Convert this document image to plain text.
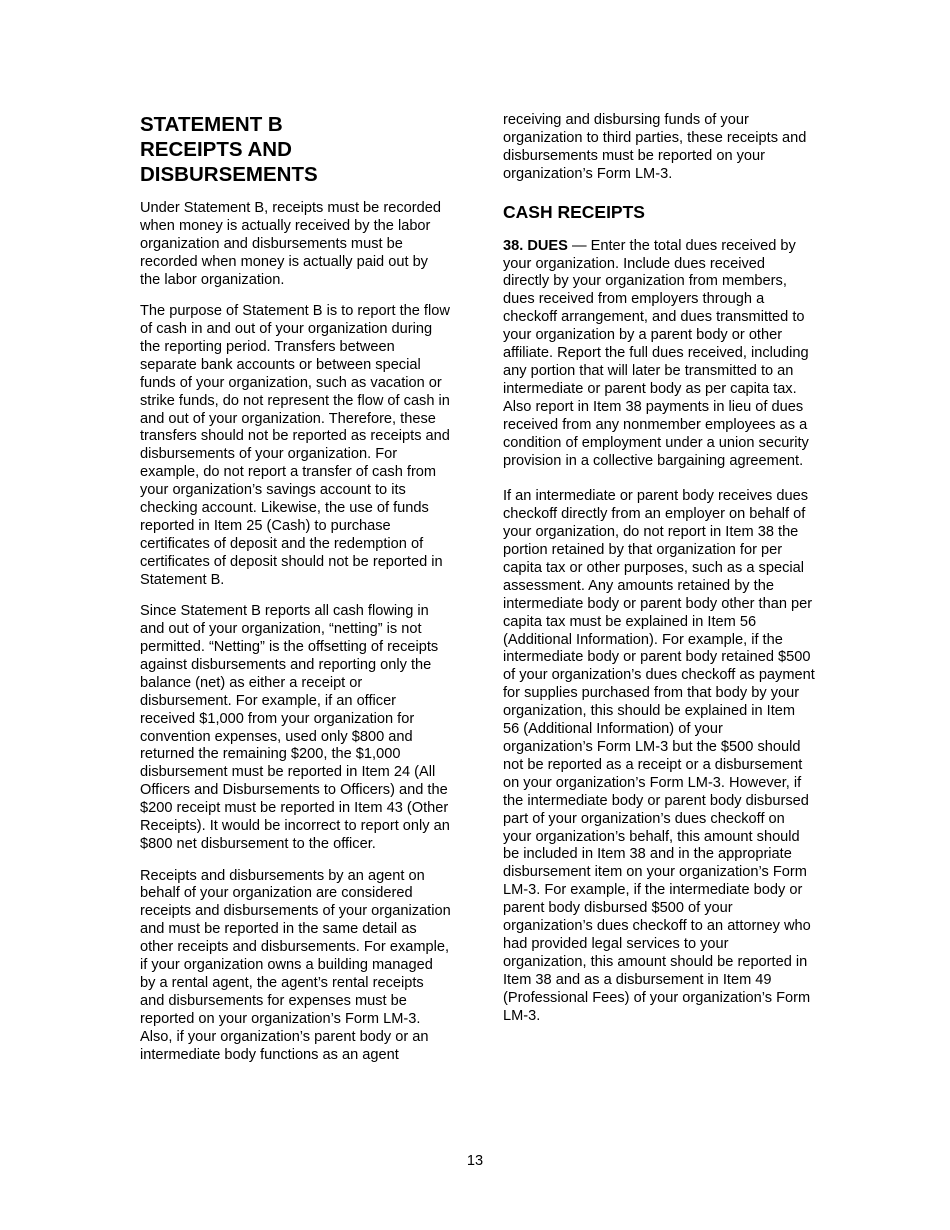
STATEMENT B
RECEIPTS AND
DISBURSEMENTS

Under Statement B, receipts must be recorded when money is actually received by the labor organization and disbursements must be recorded when money is actually paid out by the labor organization.

The purpose of Statement B is to report the flow of cash in and out of your organization during the reporting period. Transfers between separate bank accounts or between special funds of your organization, such as vacation or strike funds, do not represent the flow of cash in and out of your organization. Therefore, these transfers should not be reported as receipts and disbursements of your organization. For example, do not report a transfer of cash from your organization’s savings account to its checking account. Likewise, the use of funds reported in Item 25 (Cash) to purchase certificates of deposit and the redemption of certificates of deposit should not be reported in Statement B.

Since Statement B reports all cash flowing in and out of your organization, “netting” is not permitted. “Netting” is the offsetting of receipts against disbursements and reporting only the balance (net) as either a receipt or disbursement. For example, if an officer received $1,000 from your organization for convention expenses, used only $800 and returned the remaining $200, the $1,000 disbursement must be reported in Item 24 (All Officers and Disbursements to Officers) and the $200 receipt must be reported in Item 43 (Other Receipts). It would be incorrect to report only an $800 net disbursement to the officer.

Receipts and disbursements by an agent on behalf of your organization are considered receipts and disbursements of your organization and must be reported in the same detail as other receipts and disbursements. For example, if your organization owns a building managed by a rental agent, the agent’s rental receipts and disbursements for expenses must be reported on your organization’s Form LM-3. Also, if your organization’s parent body or an intermediate body functions as an agent

receiving and disbursing funds of your organization to third parties, these receipts and disbursements must be reported on your organization’s Form LM-3.

CASH RECEIPTS

38. DUES — Enter the total dues received by your organization. Include dues received directly by your organization from members, dues received from employers through a checkoff arrangement, and dues transmitted to your organization by a parent body or other affiliate. Report the full dues received, including any portion that will later be transmitted to an intermediate or parent body as per capita tax. Also report in Item 38 payments in lieu of dues received from any nonmember employees as a condition of employment under a union security provision in a collective bargaining agreement.

If an intermediate or parent body receives dues checkoff directly from an employer on behalf of your organization, do not report in Item 38 the portion retained by that organization for per capita tax or other purposes, such as a special assessment. Any amounts retained by the intermediate body or parent body other than per capita tax must be explained in Item 56 (Additional Information). For example, if the intermediate body or parent body retained $500 of your organization’s dues checkoff as payment for supplies purchased from that body by your organization, this should be explained in Item 56 (Additional Information) of your organization’s Form LM-3 but the $500 should not be reported as a receipt or a disbursement on your organization’s Form LM-3. However, if the intermediate body or parent body disbursed part of your organization’s dues checkoff on your organization’s behalf, this amount should be included in Item 38 and in the appropriate disbursement item on your organization’s Form LM-3. For example, if the intermediate body or parent body disbursed $500 of your organization’s dues checkoff to an attorney who had provided legal services to your organization, this amount should be reported in Item 38 and as a disbursement in Item 49 (Professional Fees) of your organization’s Form LM-3.

13
